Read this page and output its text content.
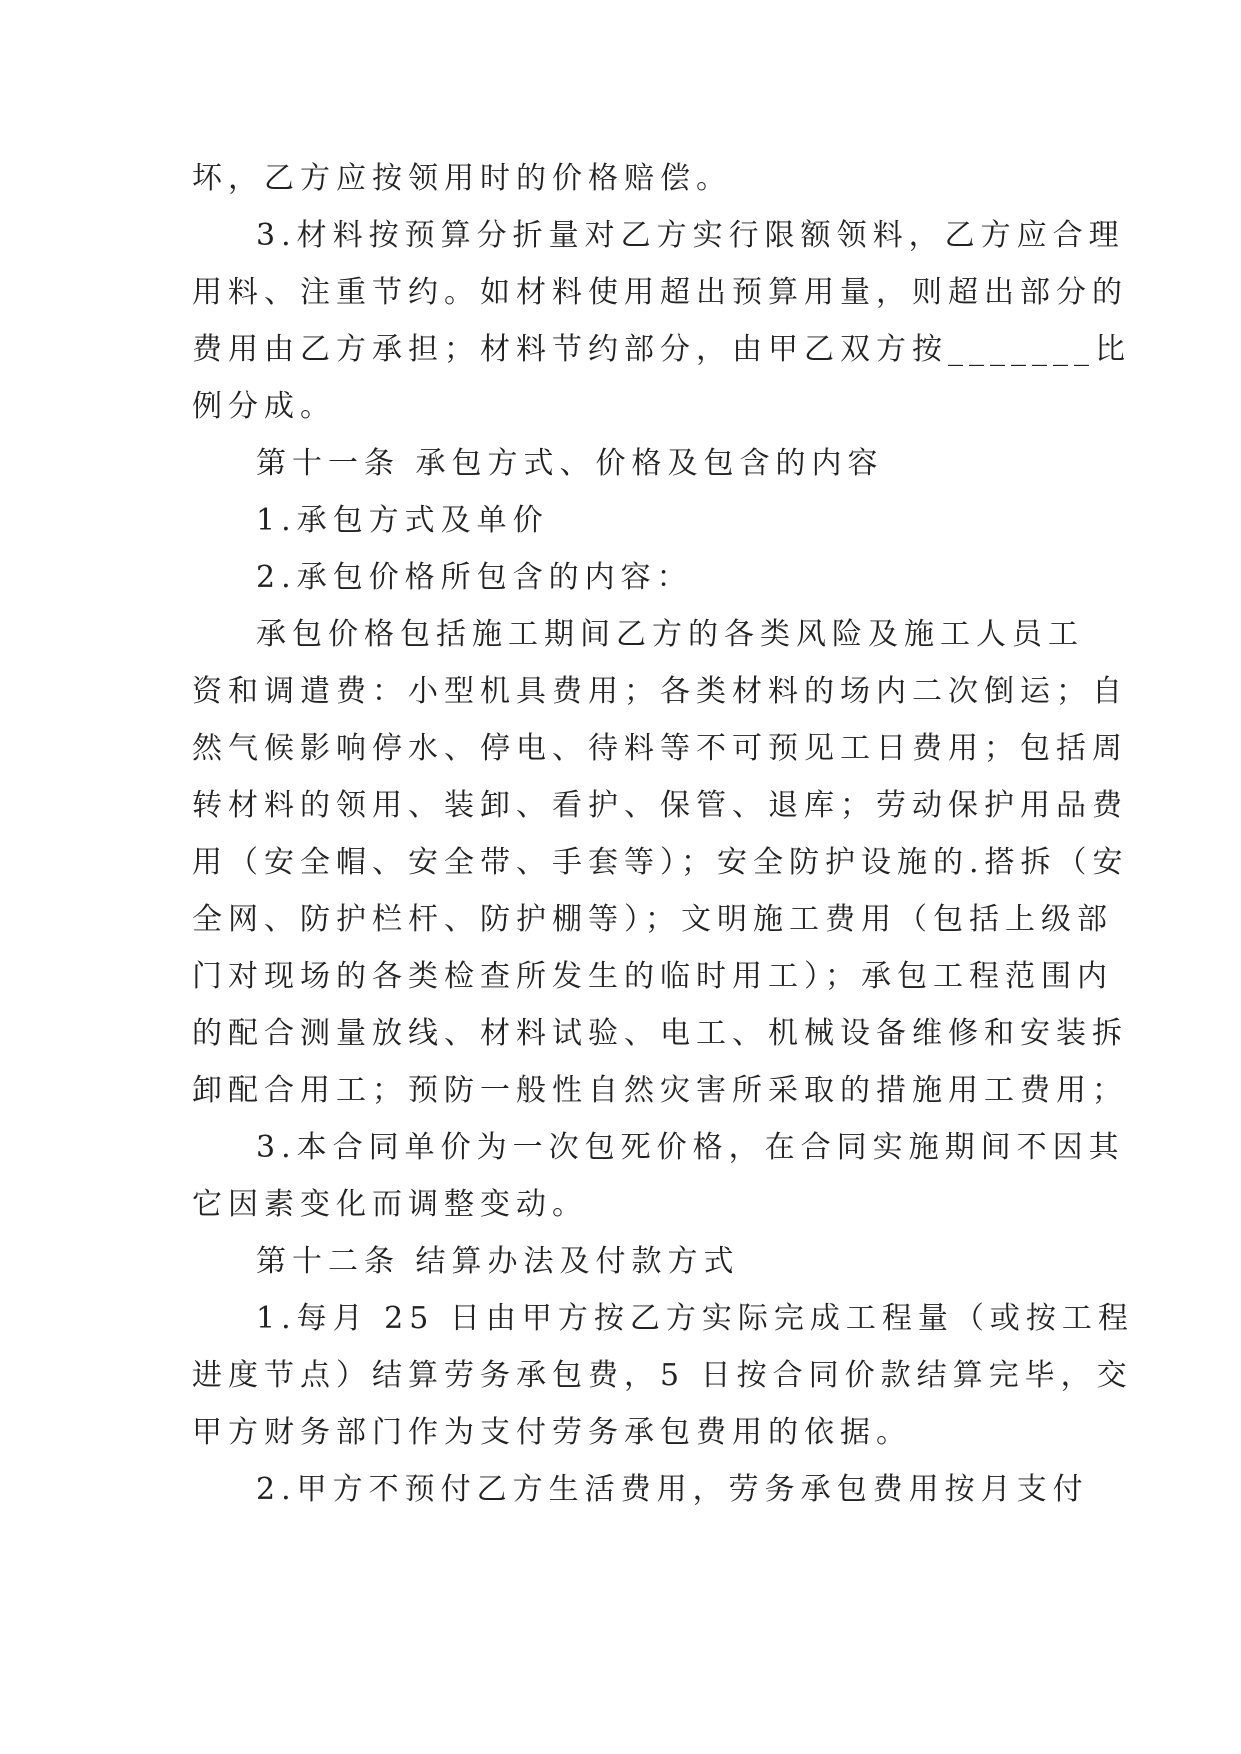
坏，乙方应按领用时的价格赔偿。
3.材料按预算分折量对乙方实行限额领料，乙方应合理
用料、注重节约。如材料使用超出预算用量，则超出部分的
费用由乙方承担；材料节约部分，由甲乙双方按_______比
例分成。
第十一条 承包方式、价格及包含的内容
1.承包方式及单价
2.承包价格所包含的内容：
承包价格包括施工期间乙方的各类风险及施工人员工
资和调遣费：小型机具费用；各类材料的场内二次倒运；自
然气候影响停水、停电、待料等不可预见工日费用；包括周
转材料的领用、装卸、看护、保管、退库；劳动保护用品费
用（安全帽、安全带、手套等）；安全防护设施的.搭拆（安
全网、防护栏杆、防护棚等）；文明施工费用（包括上级部
门对现场的各类检查所发生的临时用工）；承包工程范围内
的配合测量放线、材料试验、电工、机械设备维修和安装拆
卸配合用工；预防一般性自然灾害所采取的措施用工费用；
3.本合同单价为一次包死价格，在合同实施期间不因其
它因素变化而调整变动。
第十二条 结算办法及付款方式
1.每月 25 日由甲方按乙方实际完成工程量（或按工程
进度节点）结算劳务承包费，5 日按合同价款结算完毕，交
甲方财务部门作为支付劳务承包费用的依据。
2.甲方不预付乙方生活费用，劳务承包费用按月支付
